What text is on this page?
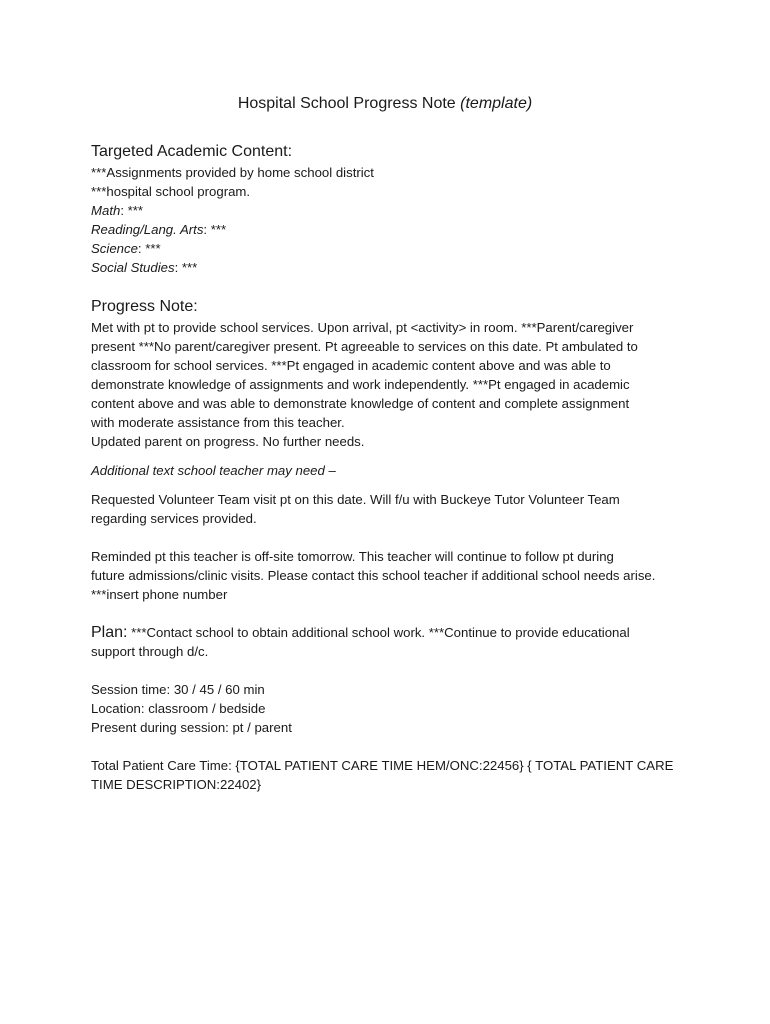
Hospital School Progress Note (template)

Targeted Academic Content:

***Assignments provided by home school district

***hospital school program.

Math: ***

Reading/Lang. Arts: ***

Science: ***

Social Studies: ***

Progress Note:

Met with pt to provide school services. Upon arrival, pt <activity> in room. ***Parent/caregiver

present ***No parent/caregiver present. Pt agreeable to services on this date. Pt ambulated to

classroom for school services. ***Pt engaged in academic content above and was able to

demonstrate knowledge of assignments and work independently. ***Pt engaged in academic

content above and was able to demonstrate knowledge of content and complete assignment

with moderate assistance from this teacher.

Updated parent on progress. No further needs.

Additional text school teacher may need –

Requested Volunteer Team visit pt on this date. Will f/u with Buckeye Tutor Volunteer Team

regarding services provided.

Reminded pt this teacher is off-site tomorrow. This teacher will continue to follow pt during

future admissions/clinic visits. Please contact this school teacher if additional school needs arise.

***insert phone number

Plan: ***Contact school to obtain additional school work. ***Continue to provide educational

support through d/c.

Session time: 30 / 45 / 60 min

Location: classroom / bedside

Present during session: pt / parent

Total Patient Care Time: {TOTAL PATIENT CARE TIME HEM/ONC:22456} { TOTAL PATIENT CARE

TIME DESCRIPTION:22402}
